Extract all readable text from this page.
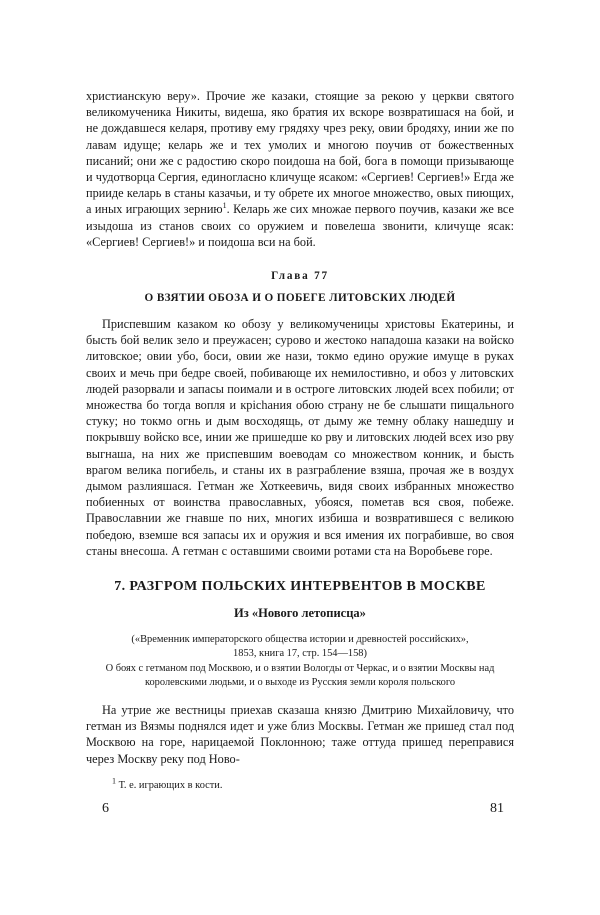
христианскую веру». Прочие же казаки, стоящие за рекою у церкви святого великомученика Никиты, видеша, яко братия их вскоре возвратишася на бой, и не дождавшеся келаря, противу ему грядяху чрез реку, овии бродяху, инии же по лавам идуще; келарь же и тех умолих и многою поучив от божественных писаний; они же с радостию скоро поидоша на бой, бога в помощи призывающе и чудотворца Сергия, единогласно кличуще ясаком: «Сергиев! Сергиев!» Егда же прииде келарь в станы казачьи, и ту обрете их многое множество, овых пиющих, а иных играющих зернию$^1$. Келарь же сих множае первого поучив, казаки же все изыдоша из станов своих со оружием и повелеша звонити, кличуще ясак: «Сергиев! Сергиев!» и поидоша вси на бой.

Глава 77

О ВЗЯТИИ ОБОЗА И О ПОБЕГЕ ЛИТОВСКИХ ЛЮДЕЙ

Приспевшим казаком ко обозу у великомученицы христовы Екатерины, и бысть бой велик зело и преужасен; сурово и жестоко нападоша казаки на войско литовское; овии убо, боси, овии же нази, токмо едино оружие имуще в руках своих и мечь при бедре своей, побивающе их немилостивно, и обоз у литовских людей разорвали и запасы поимали и в остроге литовских людей всех побили; от множества бо тогда вопля и крichания обою страну не бе слышати пищального стуку; но токмо огнь и дым восходящь, от дыму же темну облаку нашедшу и покрывшу войско все, инии же пришедше ко рву и литовских людей всех изо рву выгнаша, на них же приспевшим воеводам со множеством конник, и бысть врагом велика погибель, и станы их в разграбление взяша, прочая же в воздух дымом разлияшася. Гетман же Хоткеевичь, видя своих избранных множество побиенных от воинства православных, убояся, пометав вся своя, побеже. Православнии же гнавше по них, многих избиша и возвратившеся с великою победою, вземше вся запасы их и оружия и вся имения их пограбивше, во своя станы внесоша. А гетман с оставшими своими ротами ста на Воробьеве горе.

7. РАЗГРОМ ПОЛЬСКИХ ИНТЕРВЕНТОВ В МОСКВЕ

Из «Нового летописца»

(«Временник императорского общества истории и древностей российских»,
1853, книга 17, стр. 154—158)

О боях с гетманом под Москвою, и о взятии Вологды от Черкас, и о взятии Москвы над королевскими людьми, и о выходе из Русския земли короля польского

На утрие же вестницы приехав сказаша князю Дмитрию Михайловичу, что гетман из Вязмы поднялся идет и уже близ Москвы. Гетман же пришед стал под Москвою на горе, нарицаемой Поклонною; таже оттуда пришед переправися через Москву реку под Ново-

$^1$ Т. е. играющих в кости.

6	81
